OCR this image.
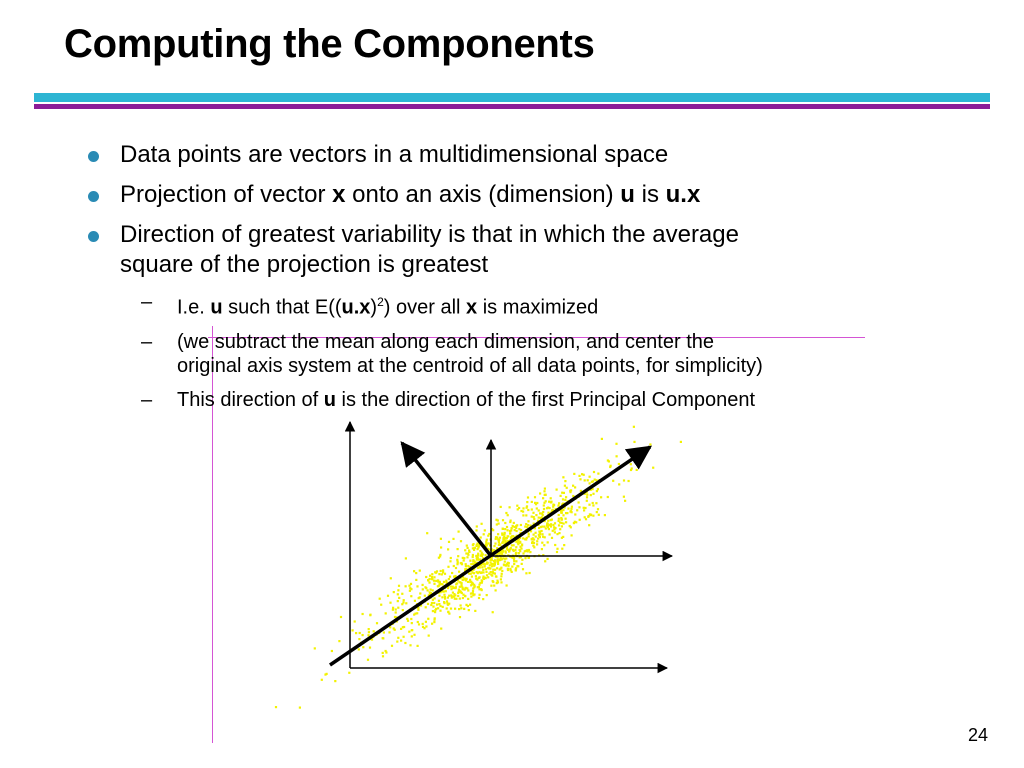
Computing the Components
Data points are vectors in a multidimensional space
Projection of vector x onto an axis (dimension) u is u.x
Direction of greatest variability is that in which the average
square of the projection is greatest
– I.e. u such that $E((u.x)^2)$ over all x is maximized
– (we subtract the mean along each dimension, and center the
original axis system at the centroid of all data points, for simplicity)
– This direction of u is the direction of the first Principal Component
24
